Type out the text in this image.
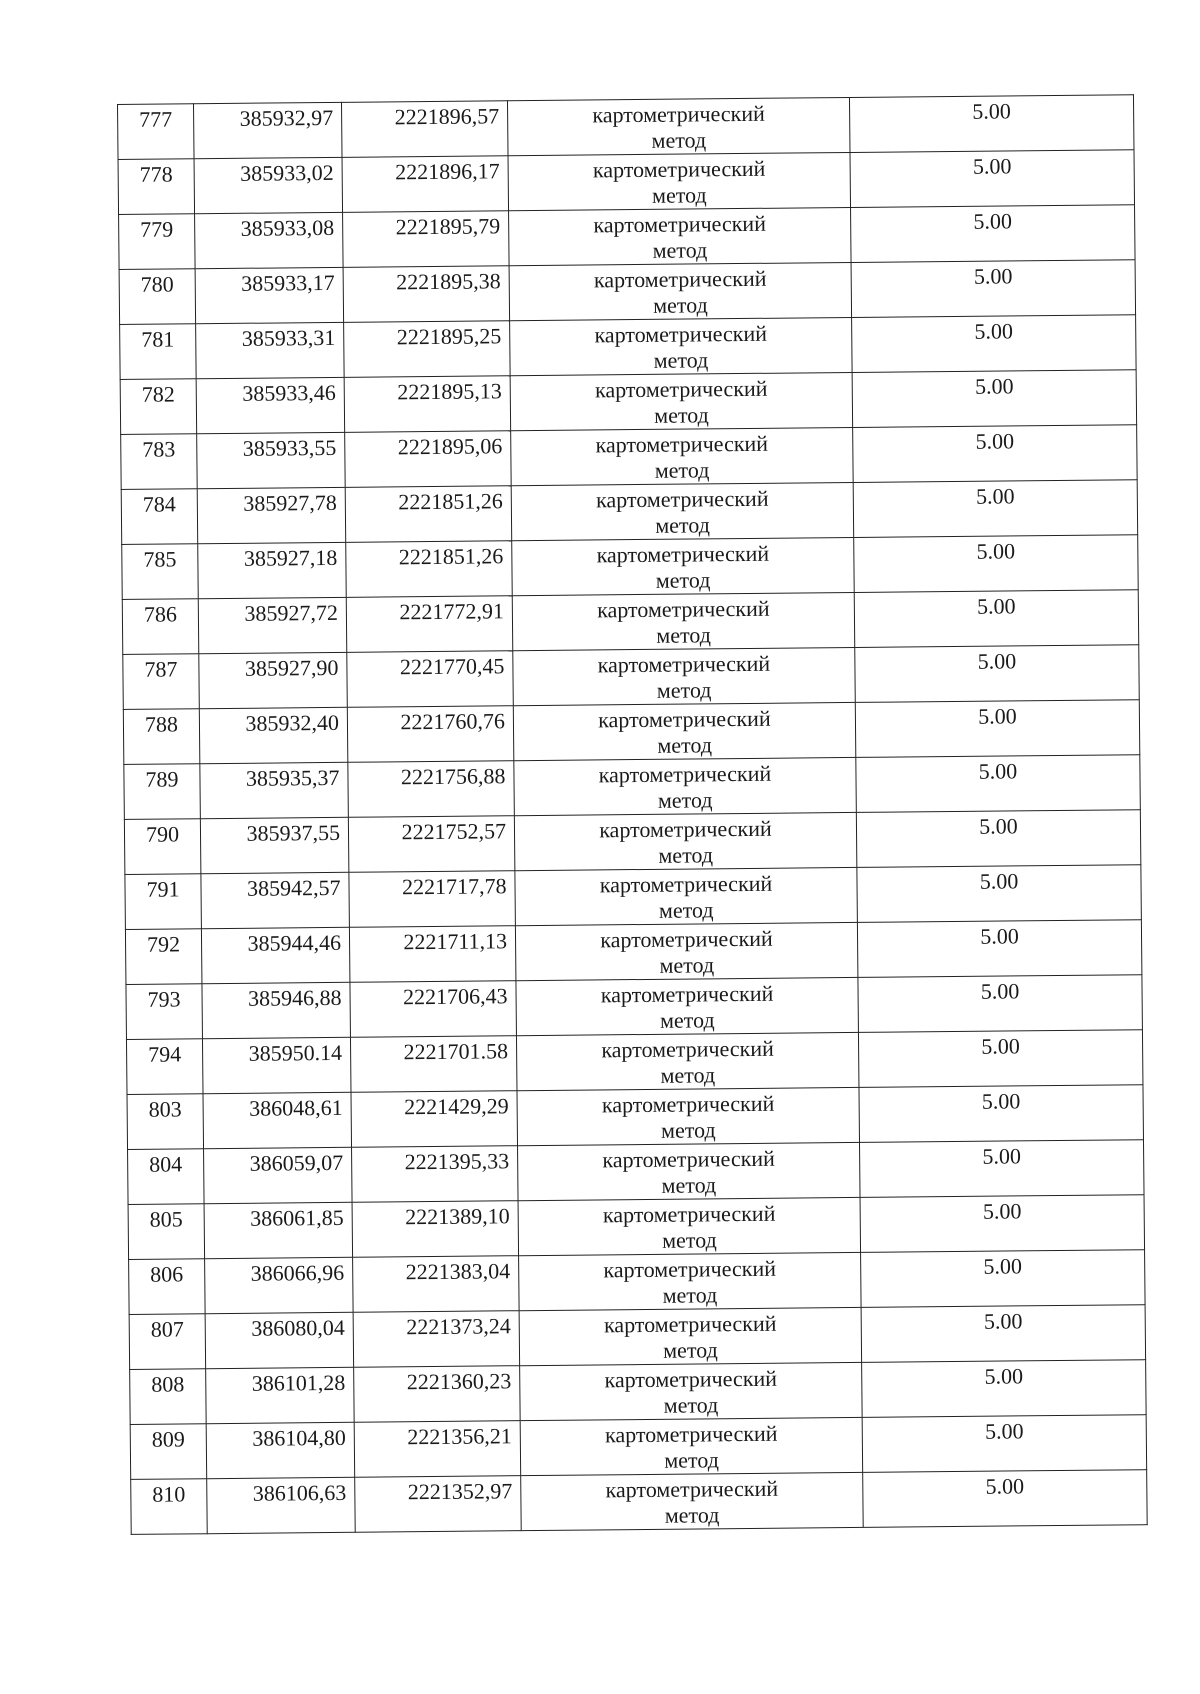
777	385932,97	2221896,57	картометрический
метод	5.00

778	385933,02	2221896,17	картометрический
метод	5.00

779	385933,08	2221895,79	картометрический
метод	5.00

780	385933,17	2221895,38	картометрический
метод	5.00

781	385933,31	2221895,25	картометрический
метод	5.00

782	385933,46	2221895,13	картометрический
метод	5.00

783	385933,55	2221895,06	картометрический
метод	5.00

784	385927,78	2221851,26	картометрический
метод	5.00

785	385927,18	2221851,26	картометрический
метод	5.00

786	385927,72	2221772,91	картометрический
метод	5.00

787	385927,90	2221770,45	картометрический
метод	5.00

788	385932,40	2221760,76	картометрический
метод	5.00

789	385935,37	2221756,88	картометрический
метод	5.00

790	385937,55	2221752,57	картометрический
метод	5.00

791	385942,57	2221717,78	картометрический
метод	5.00

792	385944,46	2221711,13	картометрический
метод	5.00

793	385946,88	2221706,43	картометрический
метод	5.00

794	385950.14	2221701.58	картометрический
метод	5.00

803	386048,61	2221429,29	картометрический
метод	5.00

804	386059,07	2221395,33	картометрический
метод	5.00

805	386061,85	2221389,10	картометрический
метод	5.00

806	386066,96	2221383,04	картометрический
метод	5.00

807	386080,04	2221373,24	картометрический
метод	5.00

808	386101,28	2221360,23	картометрический
метод	5.00

809	386104,80	2221356,21	картометрический
метод	5.00

810	386106,63	2221352,97	картометрический
метод	5.00
